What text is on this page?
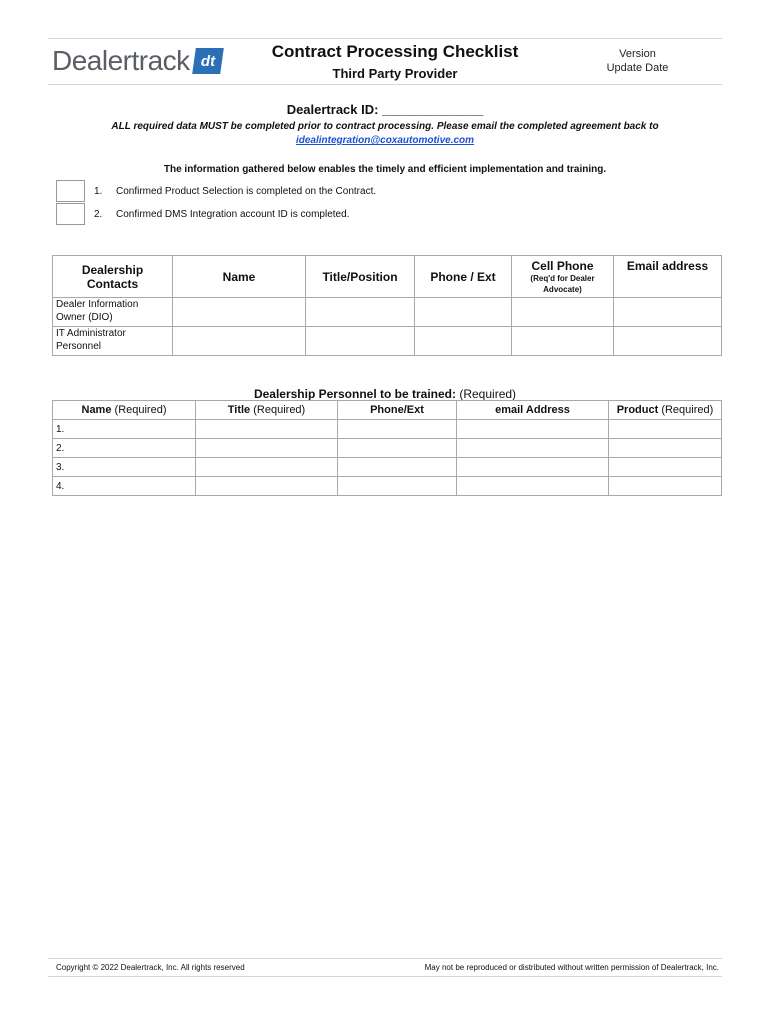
Dealertrack dt	Contract Processing Checklist
Third Party Provider
Version
Update Date
Dealertrack ID: ______________
ALL required data MUST be completed prior to contract processing. Please email the completed agreement back to
idealintegration@coxautomotive.com
The information gathered below enables the timely and efficient implementation and training.
1. Confirmed Product Selection is completed on the Contract.
2. Confirmed DMS Integration account ID is completed.
Dealership Contacts	Name	Title/Position	Phone / Ext	Cell Phone
(Req'd for Dealer Advocate)	Email address
Dealer Information Owner (DIO)					
IT Administrator Personnel					
Dealership Personnel to be trained: (Required)
Name (Required)	Title (Required)	Phone/Ext	email Address	Product (Required)
1.				
2.				
3.				
4.				
Copyright © 2022 Dealertrack, Inc. All rights reserved	May not be reproduced or distributed without written permission of Dealertrack, Inc.
